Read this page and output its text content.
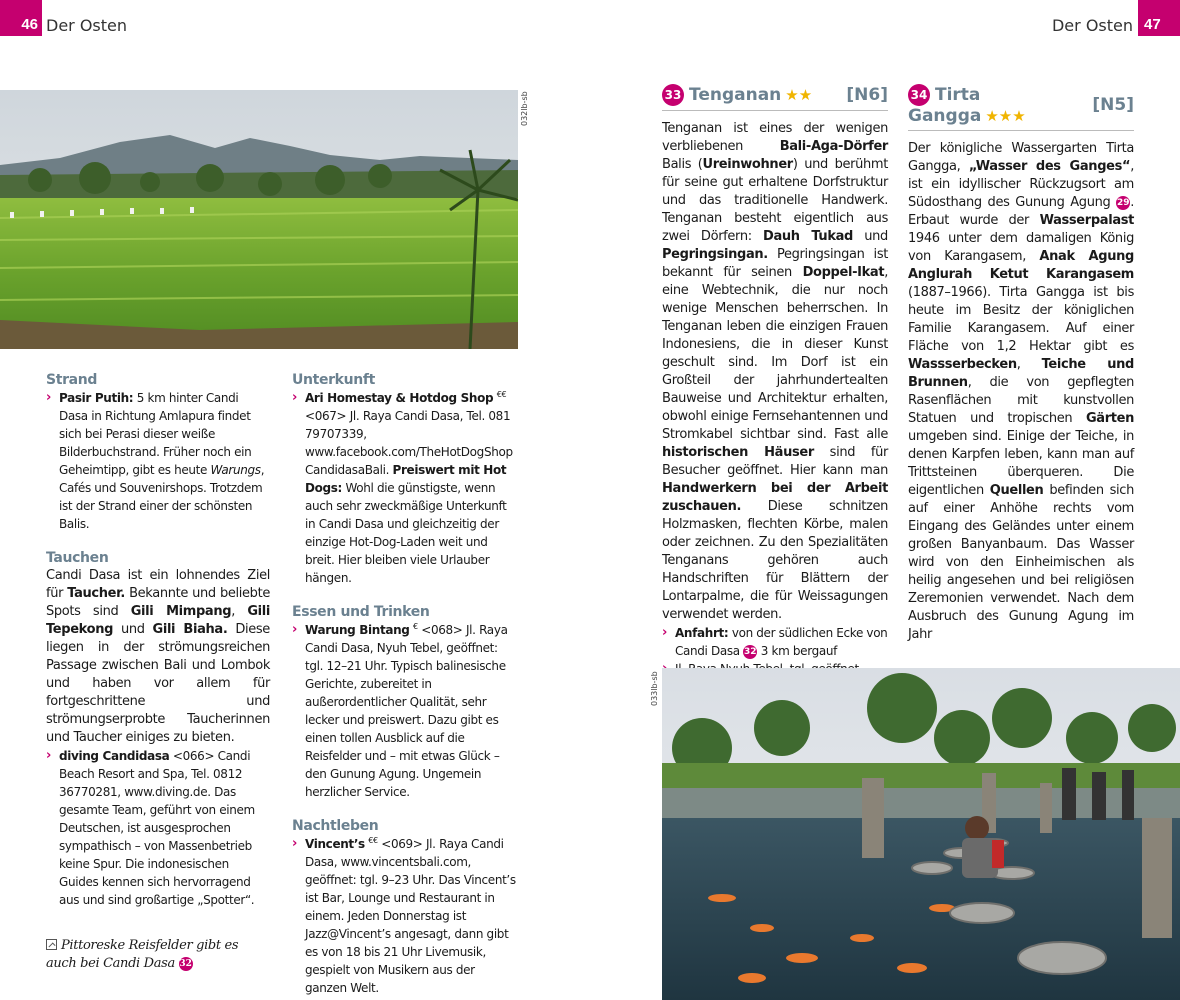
46 Der Osten	Der Osten 47
032lb-sb
Strand
› Pasir Putih: 5 km hinter Candi Dasa in Richtung Amlapura findet sich bei Perasi dieser weiße Bilderbuchstrand. Früher noch ein Geheimtipp, gibt es heute Warungs, Cafés und Souvenirshops. Trotzdem ist der Strand einer der schönsten Balis.
Tauchen
Candi Dasa ist ein lohnendes Ziel für Taucher. Bekannte und beliebte Spots sind Gili Mimpang, Gili Tepekong und Gili Biaha. Diese liegen in der strömungsreichen Passage zwischen Bali und Lombok und haben vor allem für fortgeschrittene und strömungserprobte Taucherinnen und Taucher einiges zu bieten.
› diving Candidasa <066> Candi Beach Resort and Spa, Tel. 0812 36770281, www.diving.de. Das gesamte Team, geführt von einem Deutschen, ist ausgesprochen sympathisch – von Massenbetrieb keine Spur. Die indonesischen Guides kennen sich hervorragend aus und sind großartige „Spotter“.
Pittoreske Reisfelder gibt es auch bei Candi Dasa 32
Unterkunft
› Ari Homestay & Hotdog Shop €€ <067> Jl. Raya Candi Dasa, Tel. 081 79707339, www.facebook.com/TheHotDogShop CandidasaBali. Preiswert mit Hot Dogs: Wohl die günstigste, wenn auch sehr zweckmäßige Unterkunft in Candi Dasa und gleichzeitig der einzige Hot-Dog-Laden weit und breit. Hier bleiben viele Urlauber hängen.
Essen und Trinken
› Warung Bintang € <068> Jl. Raya Candi Dasa, Nyuh Tebel, geöffnet: tgl. 12–21 Uhr. Typisch balinesische Gerichte, zubereitet in außerordentlicher Qualität, sehr lecker und preiswert. Dazu gibt es einen tollen Ausblick auf die Reisfelder und – mit etwas Glück – den Gunung Agung. Ungemein herzlicher Service.
Nachtleben
› Vincent’s €€ <069> Jl. Raya Candi Dasa, www.vincentsbali.com, geöffnet: tgl. 9–23 Uhr. Das Vincent’s ist Bar, Lounge und Restaurant in einem. Jeden Donnerstag ist Jazz@Vincent’s angesagt, dann gibt es von 18 bis 21 Uhr Livemusik, gespielt von Musikern aus der ganzen Welt.
33 Tenganan ★★ [N6]
Tenganan ist eines der wenigen verbliebenen	Bali-Aga-Dörfer Balis (Ureinwohner) und berühmt für seine gut erhaltene Dorfstruktur und das traditionelle Handwerk. Tenganan besteht eigentlich aus zwei Dörfern: Dauh Tukad und Pegringsingan. Pegringsingan ist bekannt für seinen Doppel-Ikat, eine Webtechnik, die nur noch wenige Menschen beherrschen. In Tenganan leben die einzigen Frauen Indonesiens, die in dieser Kunst geschult sind. Im Dorf ist ein Großteil der jahrhundertealten Bauweise und Architektur erhalten, obwohl einige Fernsehantennen und Stromkabel sichtbar sind. Fast alle historischen Häuser sind für Besucher geöffnet. Hier kann man Handwerkern bei der Arbeit zuschauen. Diese schnitzen Holzmasken, flechten Körbe, malen oder zeichnen. Zu den Spezialitäten Tenganans gehören auch Handschriften für Blättern der Lontarpalme, die für Weissagungen verwendet werden.
› Anfahrt: von der südlichen Ecke von Candi Dasa 32 3 km bergauf
34 Tirta Gangga ★★★
[N5]
Der königliche Wassergarten Tirta Gangga, „Wasser des Ganges“, ist ein idyllischer Rückzugsort am Südosthang des Gunung Agung 29. Erbaut wurde der Wasserpalast 1946 unter dem damaligen König von Karangasem, Anak Agung Anglurah Ketut Karangasem (1887–1966). Tirta Gangga ist bis heute im Besitz der königlichen Familie Karangasem. Auf einer Fläche von 1,2 Hektar gibt es Wassserbecken, Teiche und Brunnen, die von gepflegten Rasenflächen mit kunstvollen Statuen und tropischen Gärten umgeben sind. Einige der Teiche, in denen Karpfen leben, kann man auf Trittsteinen überqueren. Die eigentlichen Quellen befinden sich auf einer Anhöhe rechts vom Eingang des Geländes unter einem großen Banyanbaum. Das Wasser wird von den Einheimischen als heilig angesehen und bei religiösen Zeremonien verwendet. Nach dem Ausbruch des Gunung Agung im Jahr
033lb-sb
